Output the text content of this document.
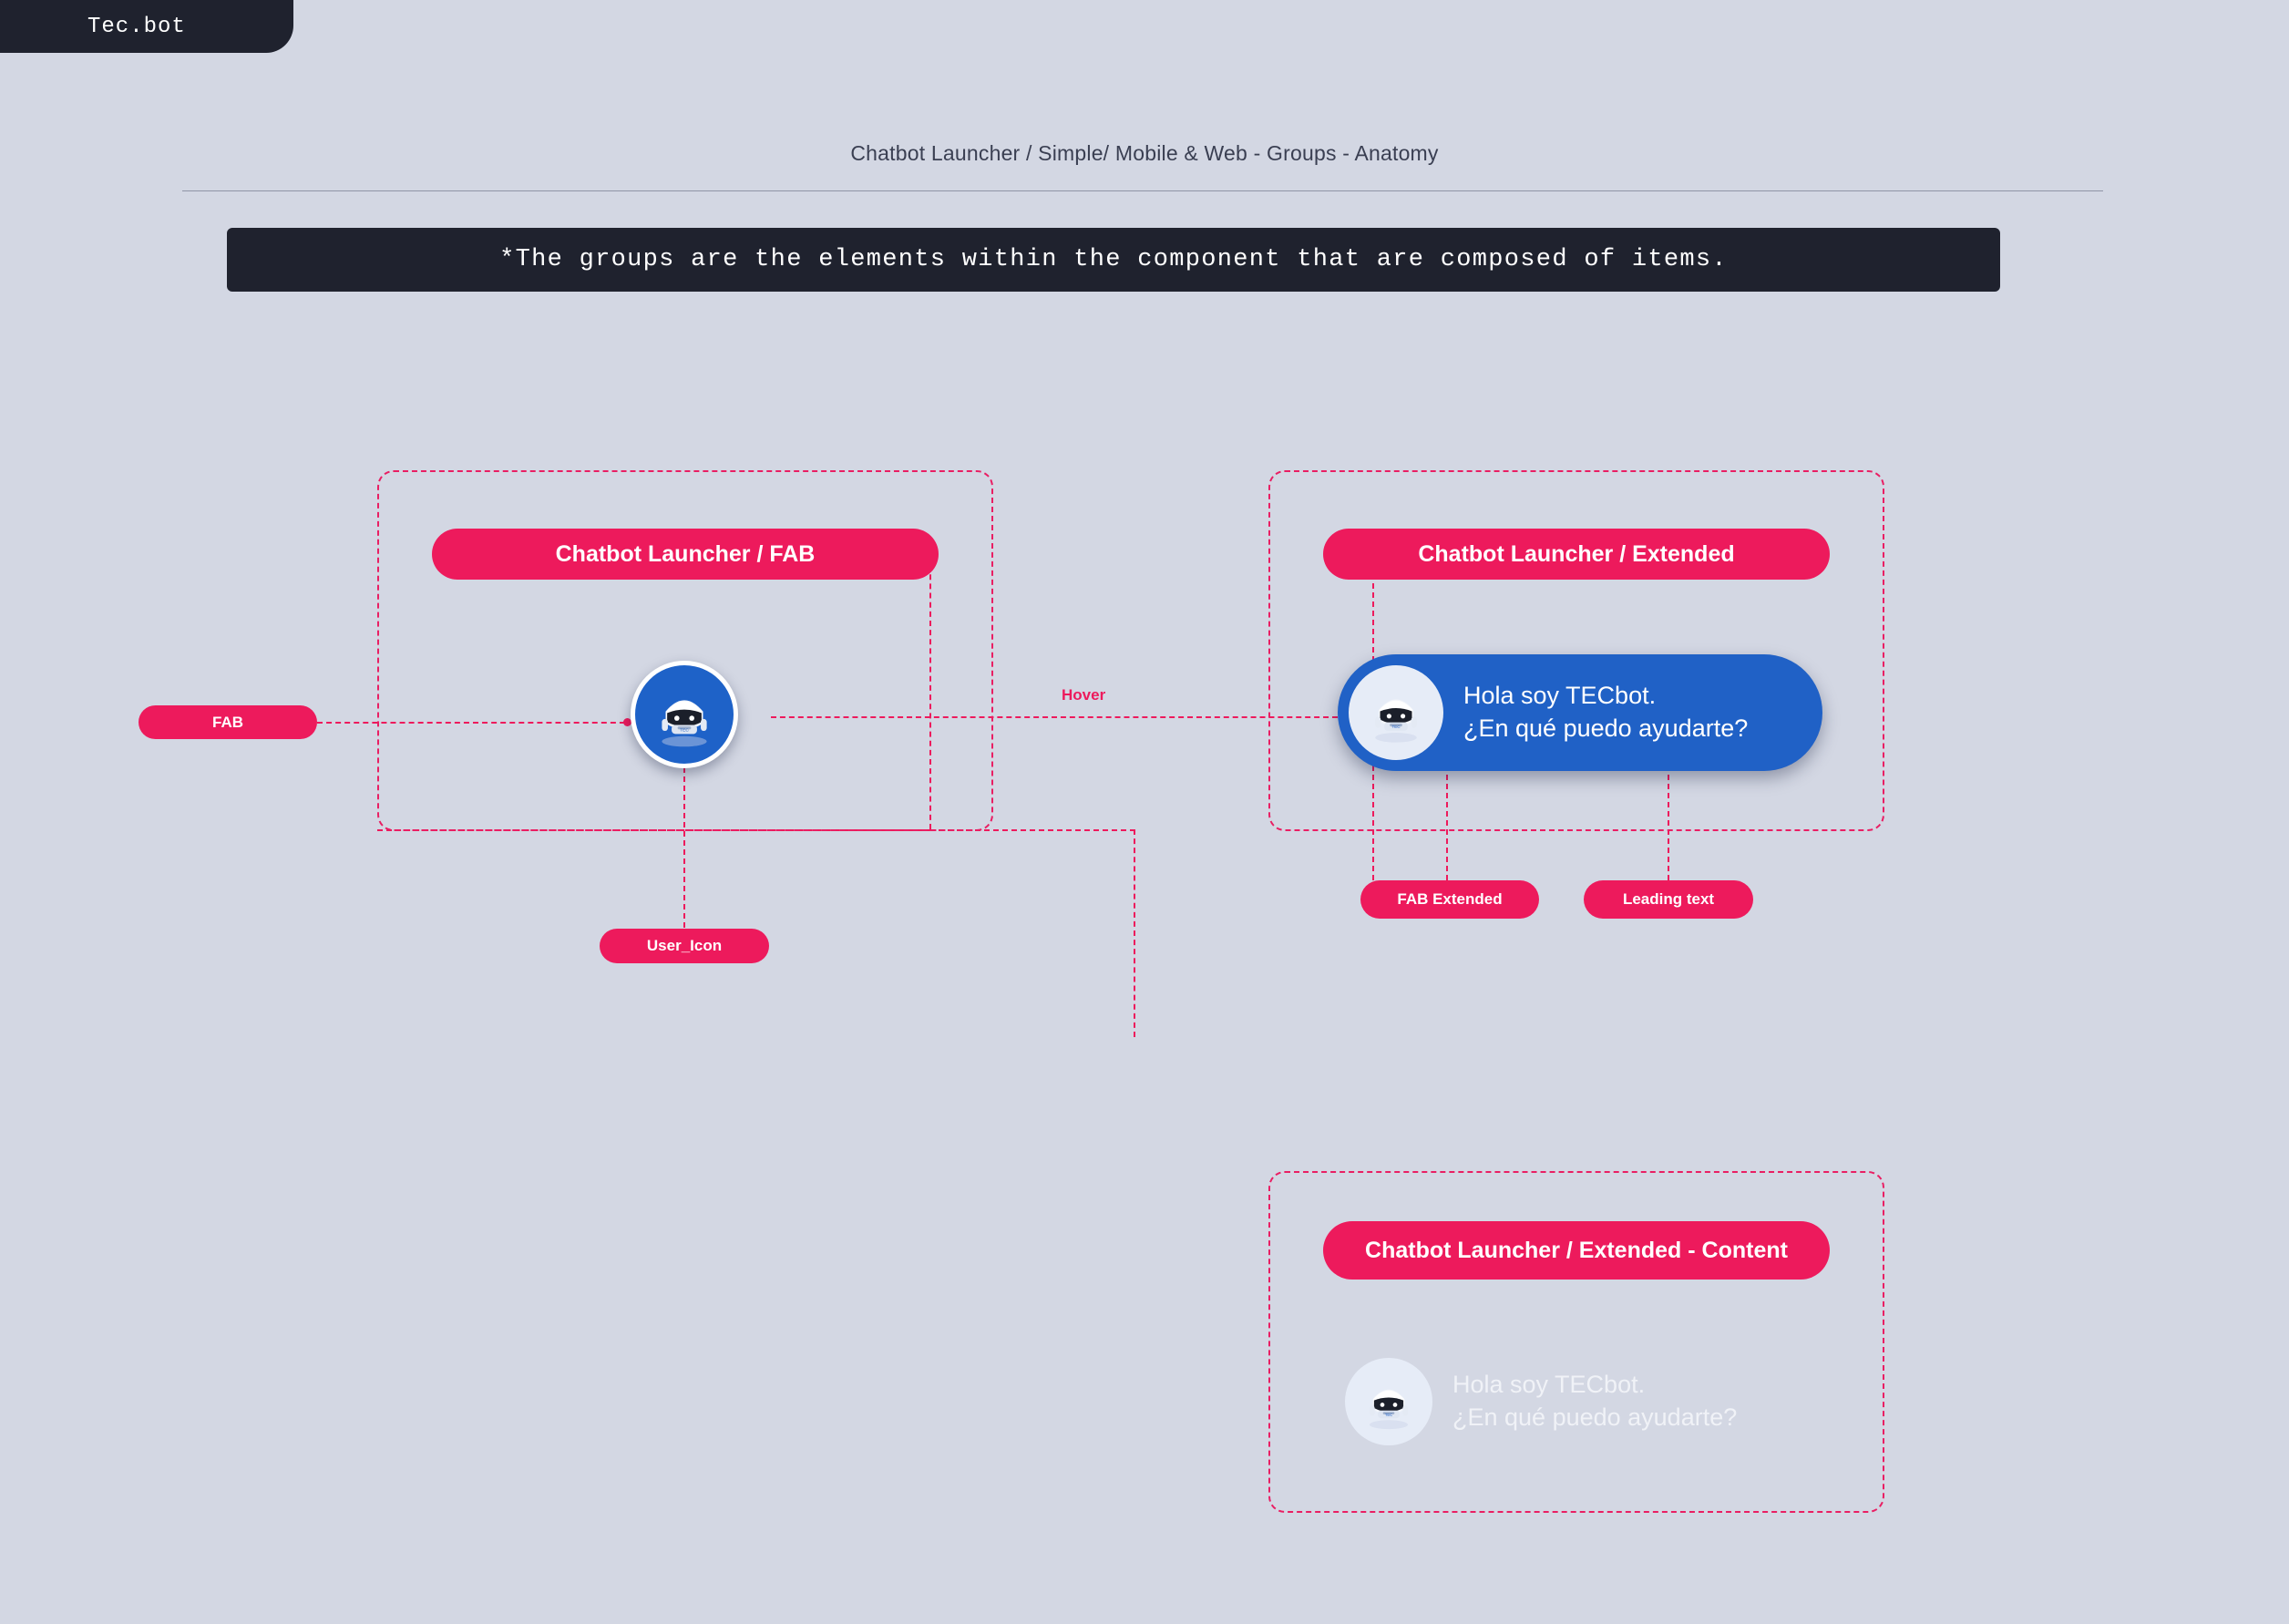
Tec.bot
Chatbot Launcher / Simple/ Mobile & Web - Groups - Anatomy
*The groups are the elements within the component that are composed of items.
Chatbot Launcher / FAB	Chatbot Launcher / Extended
Chatbot Launcher / Extended - Content
FAB
User_Icon
FAB Extended	Leading text
Hover
TEC
TEC
Hola soy TECbot.
¿En qué puedo ayudarte?
TEC
Hola soy TECbot.
¿En qué puedo ayudarte?
